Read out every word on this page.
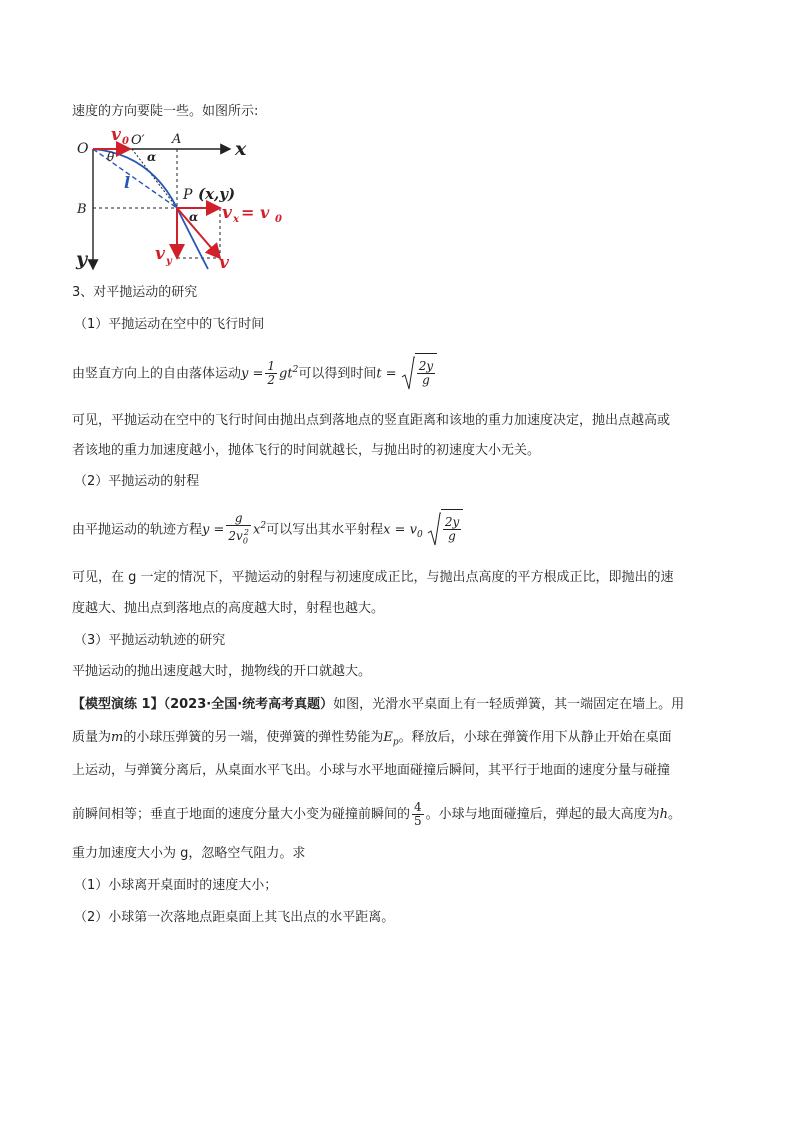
速度的方向要陡一些。如图所示:
O
v 0 O′ A	x
θ	α
l
B
P (x,y)
α v x = v 0
y	v y	v
3、对平抛运动的研究
（1）平抛运动在空中的飞行时间
由竖直方向上的自由落体运动$y = \frac{1}{2} gt^2$可以得到时间$t = \frac{2y}{g}$
可见，平抛运动在空中的飞行时间由抛出点到落地点的竖直距离和该地的重力加速度决定，抛出点越高或
者该地的重力加速度越小，抛体飞行的时间就越长，与抛出时的初速度大小无关。
（2）平抛运动的射程
由平抛运动的轨迹方程$y = \frac{g}{2v_0^2} x^2$可以写出其水平射程$x = v_0 \frac{2y}{g}$
可见，在 g 一定的情况下，平抛运动的射程与初速度成正比，与抛出点高度的平方根成正比，即抛出的速
度越大、抛出点到落地点的高度越大时，射程也越大。
（3）平抛运动轨迹的研究
平抛运动的抛出速度越大时，抛物线的开口就越大。
【模型演练 1】（2023·全国·统考高考真题）如图，光滑水平桌面上有一轻质弹簧，其一端固定在墙上。用
质量为m的小球压弹簧的另一端，使弹簧的弹性势能为$E_p$。释放后，小球在弹簧作用下从静止开始在桌面
上运动，与弹簧分离后，从桌面水平飞出。小球与水平地面碰撞后瞬间，其平行于地面的速度分量与碰撞
前瞬间相等；垂直于地面的速度分量大小变为碰撞前瞬间的 $\frac{4}{5}$ 。小球与地面碰撞后，弹起的最大高度为h。
重力加速度大小为 g，忽略空气阻力。求
（1）小球离开桌面时的速度大小；
（2）小球第一次落地点距桌面上其飞出点的水平距离。
